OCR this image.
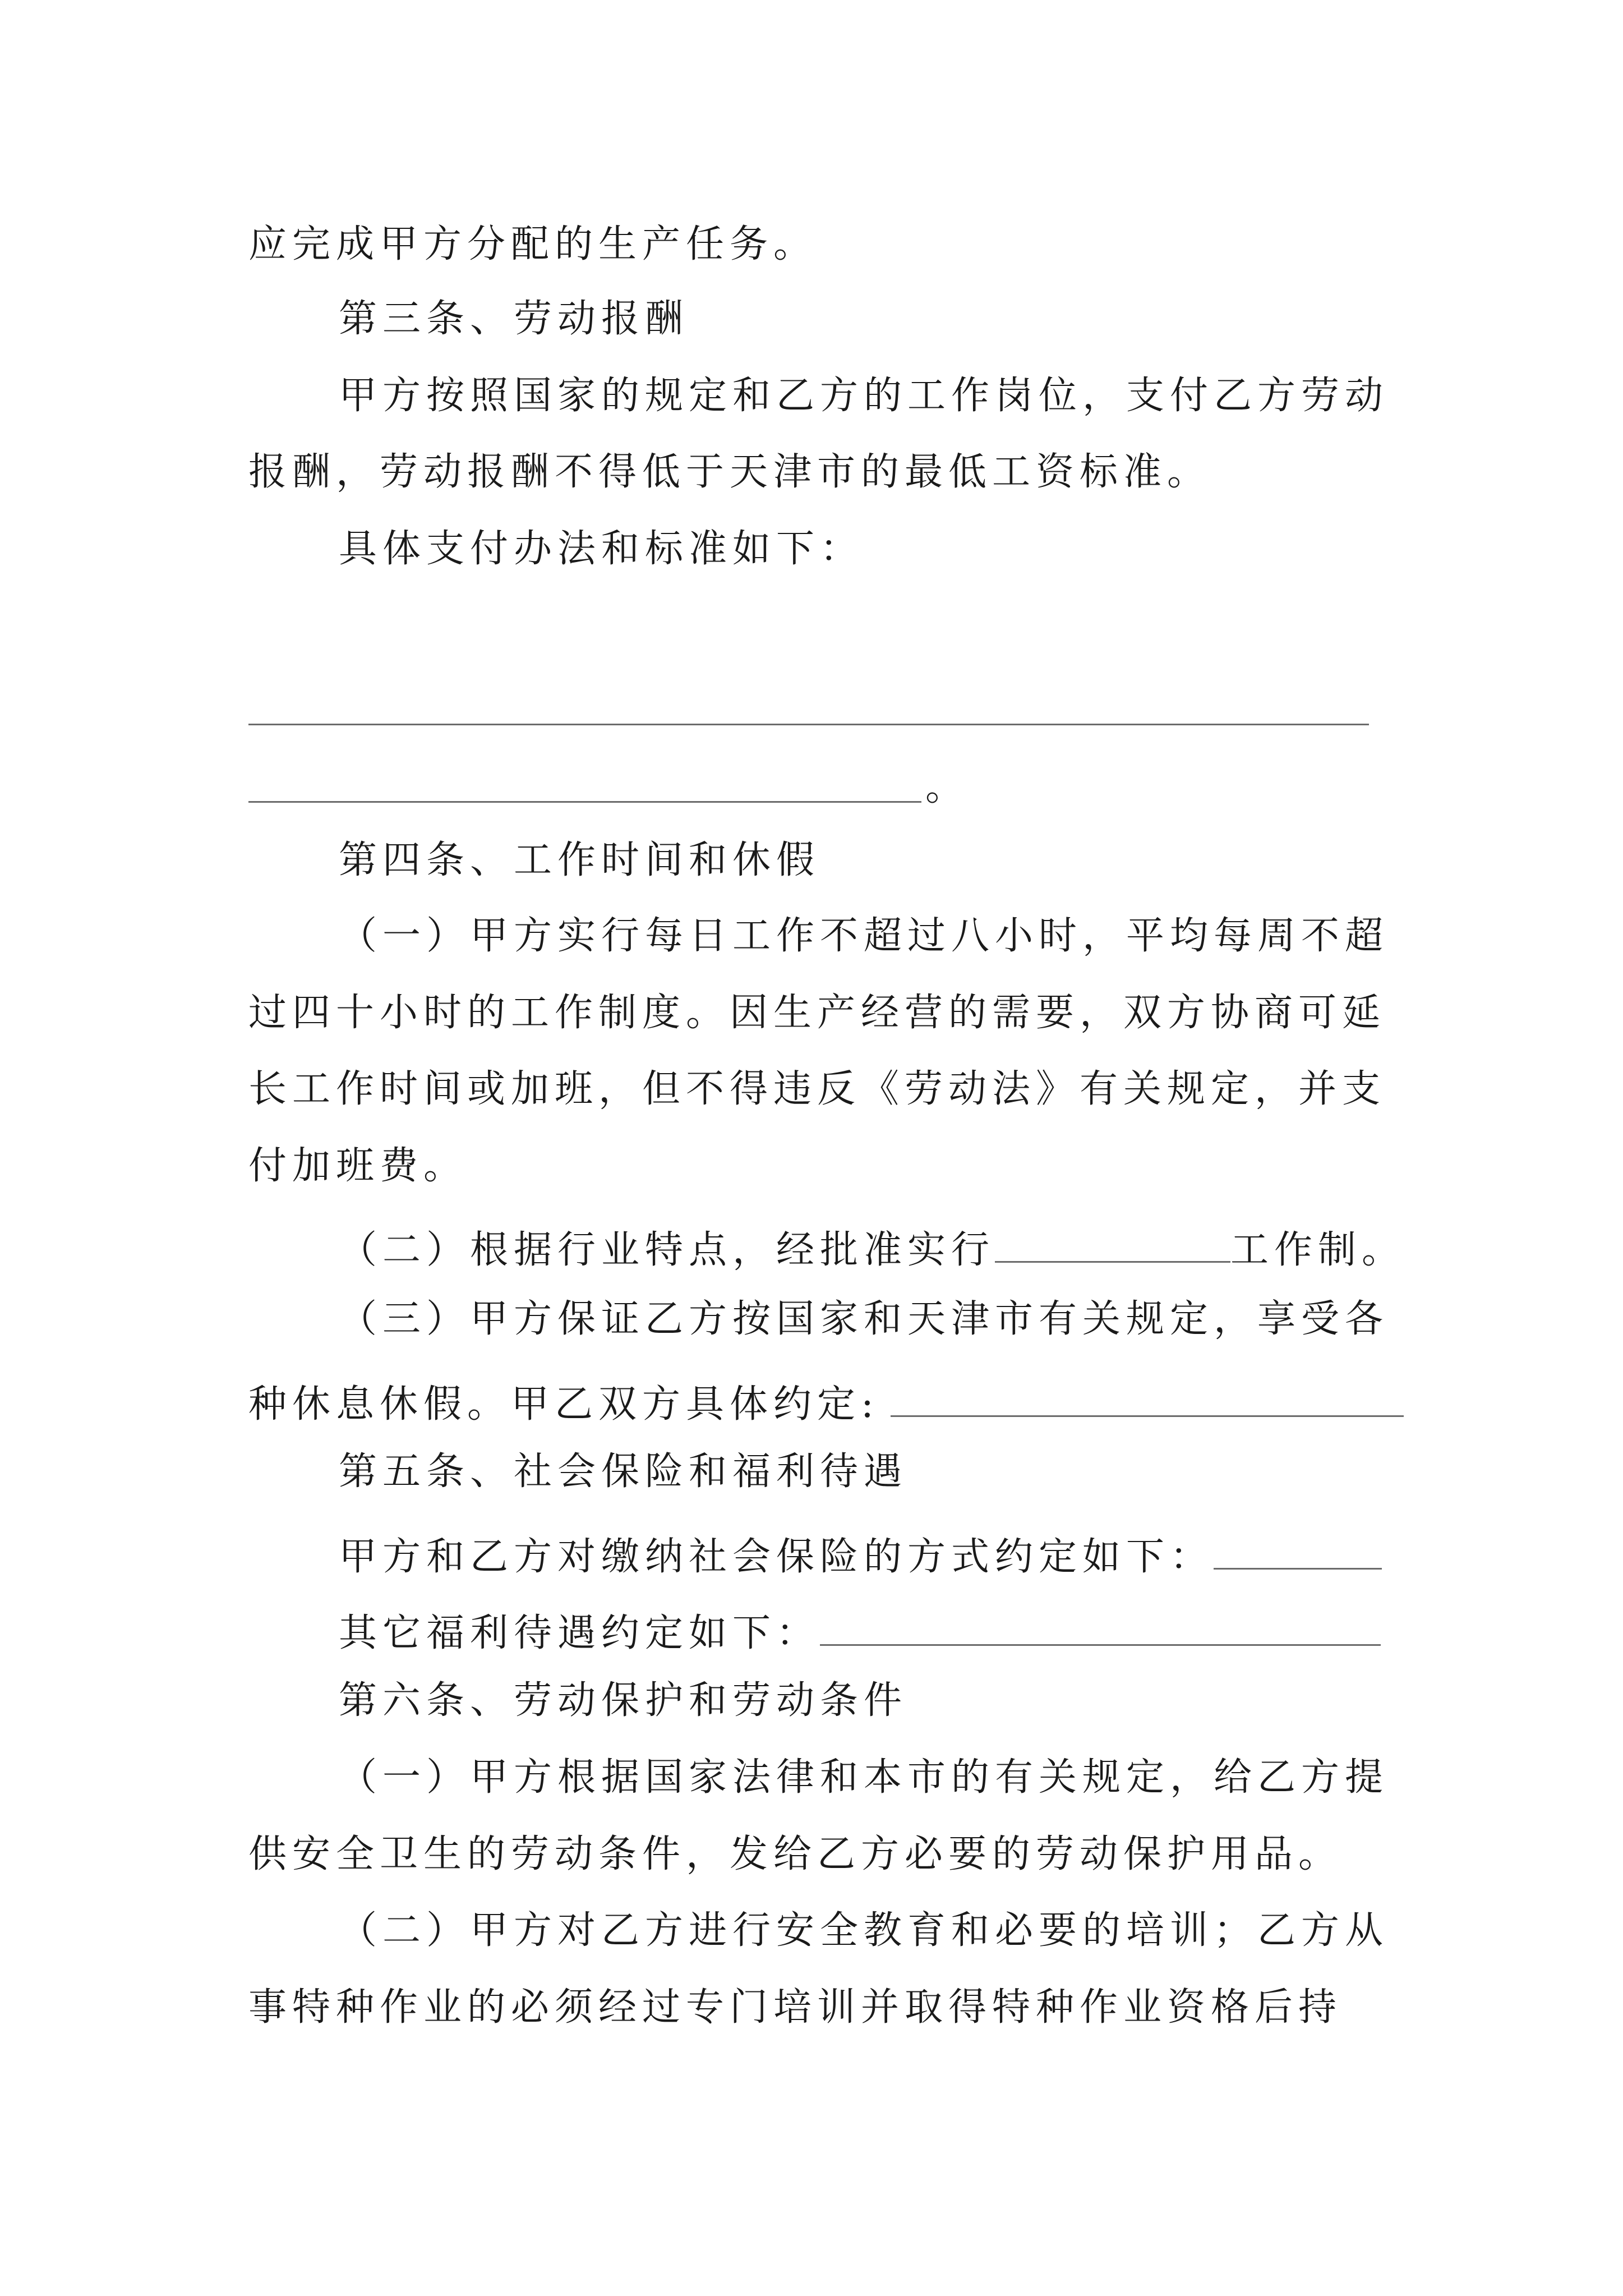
应完成甲方分配的生产任务。
第三条、劳动报酬
甲方按照国家的规定和乙方的工作岗位，支付乙方劳动
报酬，劳动报酬不得低于天津市的最低工资标准。
具体支付办法和标准如下：
。
第四条、工作时间和休假
（一）甲方实行每日工作不超过八小时，平均每周不超
过四十小时的工作制度。因生产经营的需要，双方协商可延
长工作时间或加班，但不得违反《劳动法》有关规定，并支
付加班费。
（二）根据行业特点，经批准实行	工作制。
（三）甲方保证乙方按国家和天津市有关规定，享受各
种休息休假。甲乙双方具体约定:
第五条、社会保险和福利待遇
甲方和乙方对缴纳社会保险的方式约定如下：
其它福利待遇约定如下：
第六条、劳动保护和劳动条件
（一）甲方根据国家法律和本市的有关规定，给乙方提
供安全卫生的劳动条件，发给乙方必要的劳动保护用品。
（二）甲方对乙方进行安全教育和必要的培训；乙方从
事特种作业的必须经过专门培训并取得特种作业资格后持
